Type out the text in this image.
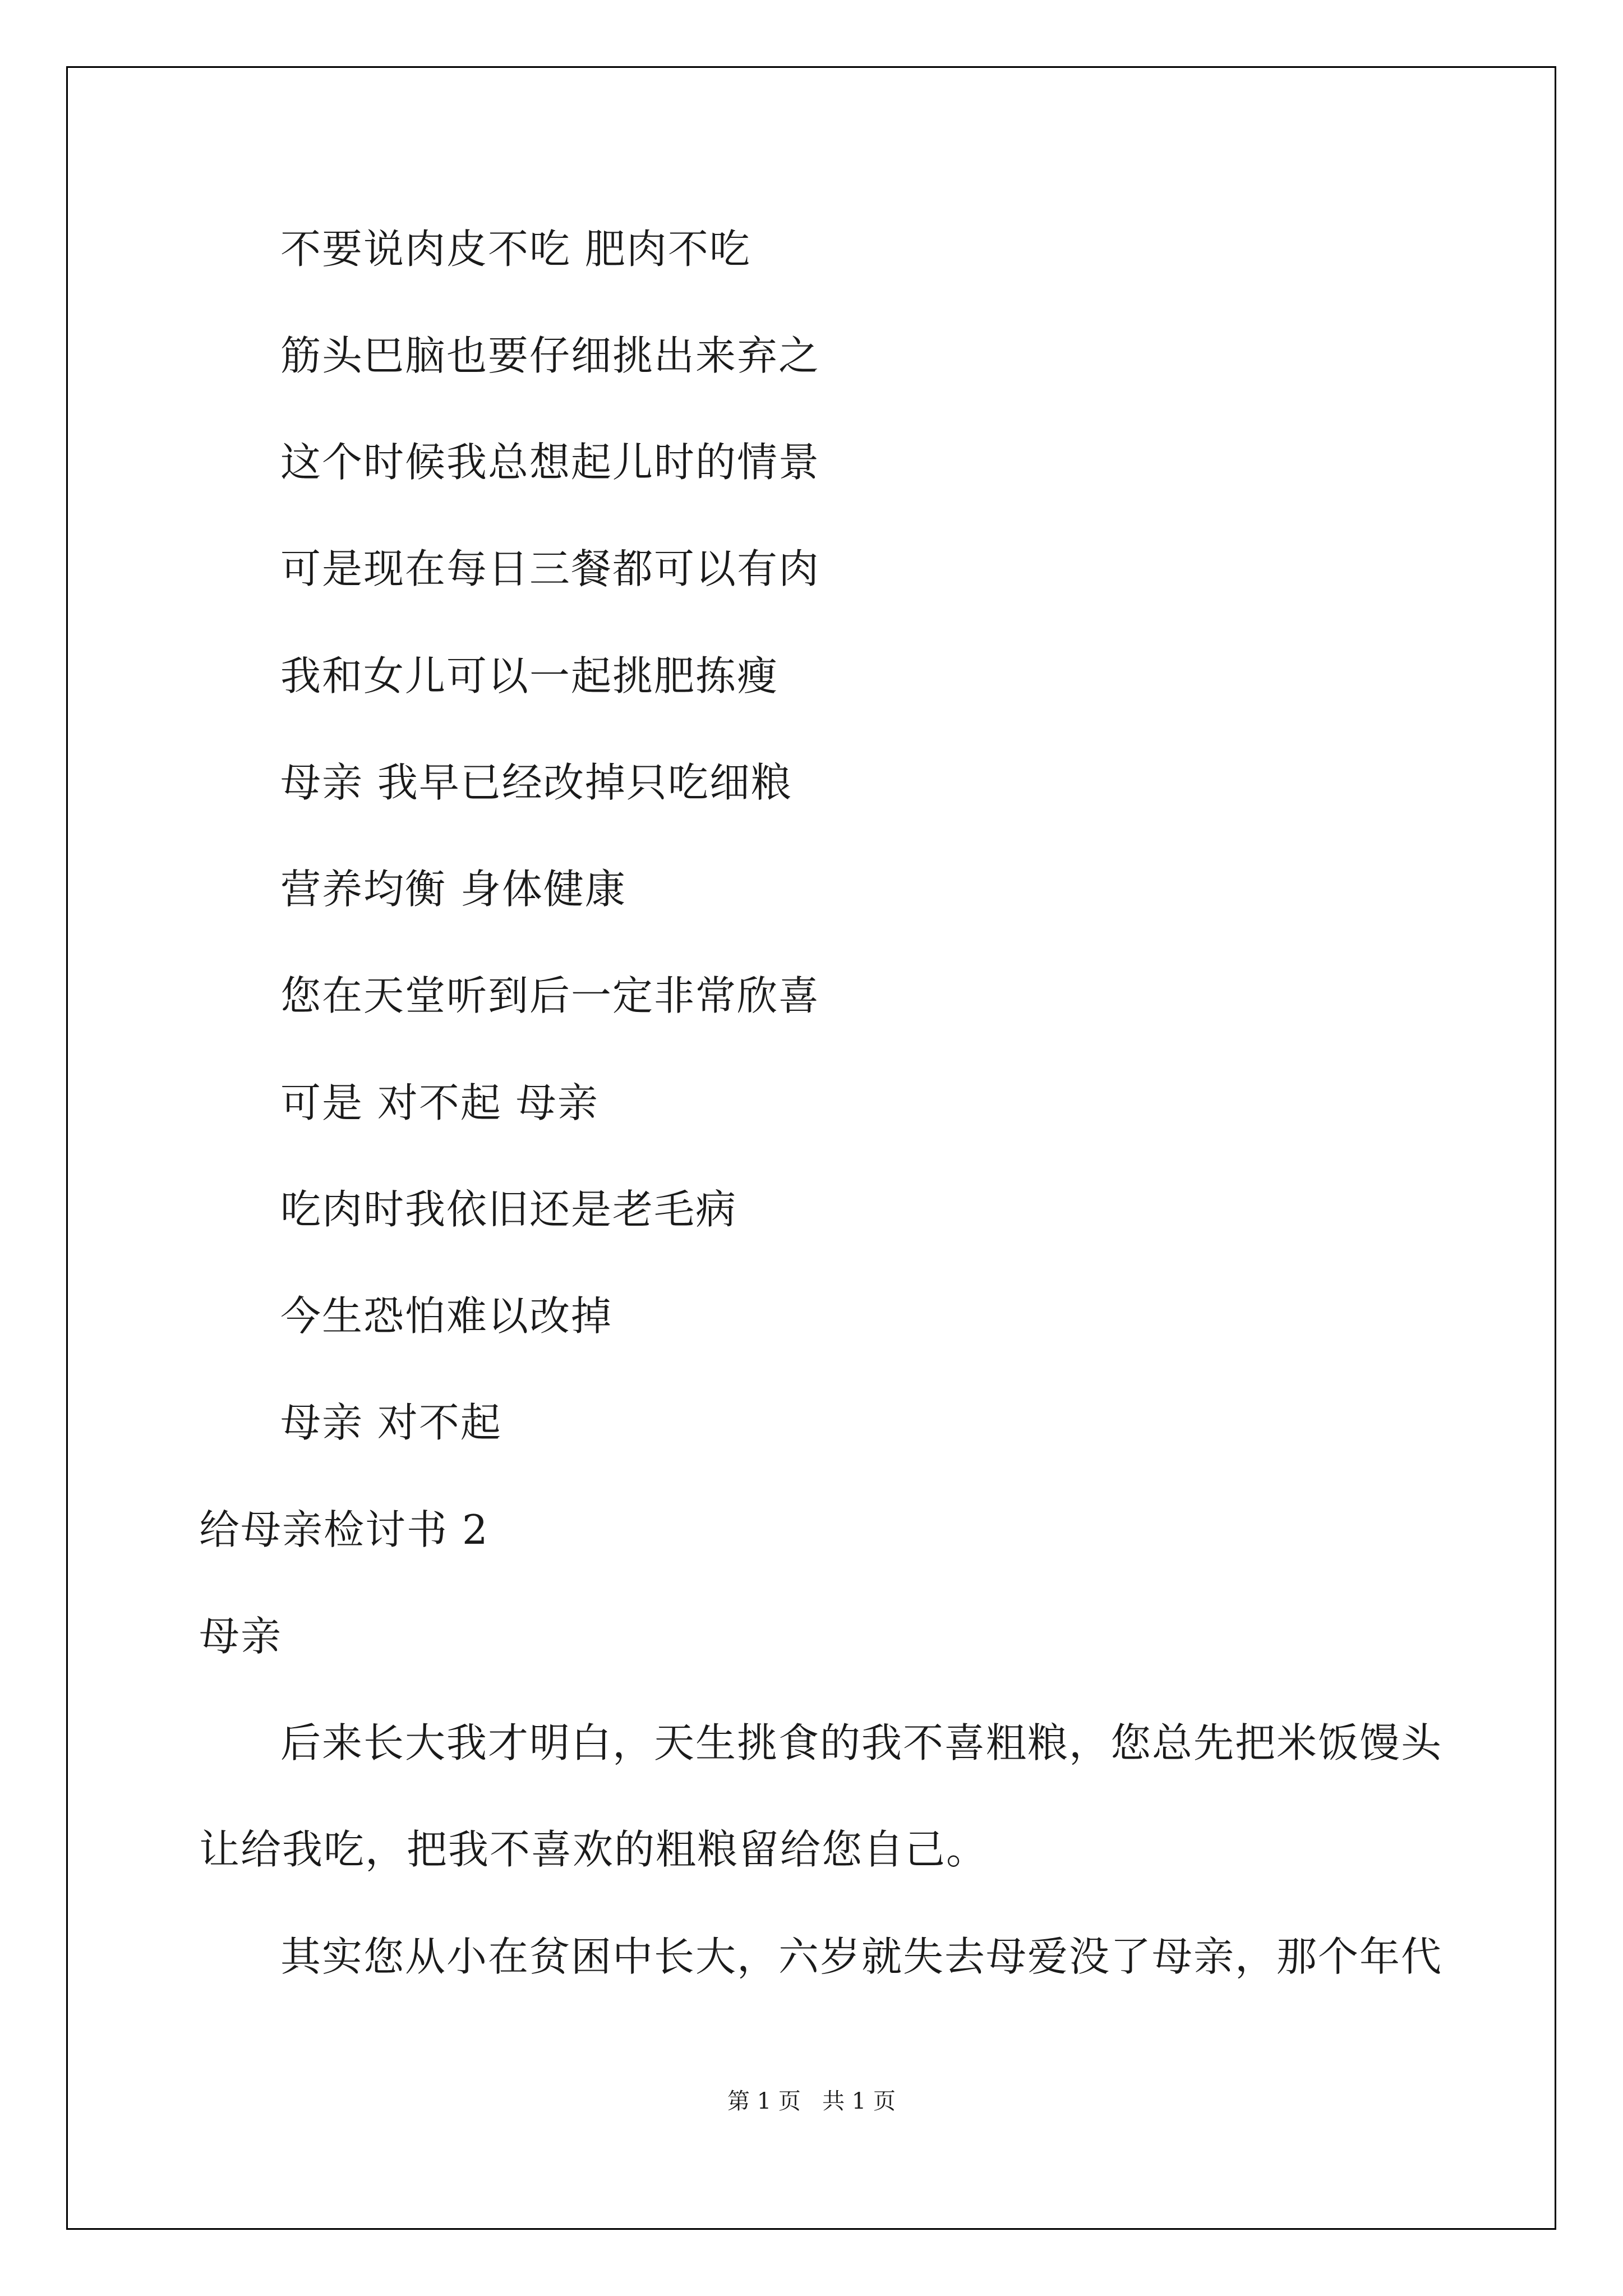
不要说肉皮不吃 肥肉不吃
筋头巴脑也要仔细挑出来弃之
这个时候我总想起儿时的情景
可是现在每日三餐都可以有肉
我和女儿可以一起挑肥拣瘦
母亲 我早已经改掉只吃细粮
营养均衡 身体健康
您在天堂听到后一定非常欣喜
可是 对不起 母亲
吃肉时我依旧还是老毛病
今生恐怕难以改掉
母亲 对不起
给母亲检讨书 2
母亲
后来长大我才明白，天生挑食的我不喜粗粮，您总先把米饭馒头
让给我吃，把我不喜欢的粗粮留给您自己。
其实您从小在贫困中长大，六岁就失去母爱没了母亲，那个年代
第 1 页   共 1 页
